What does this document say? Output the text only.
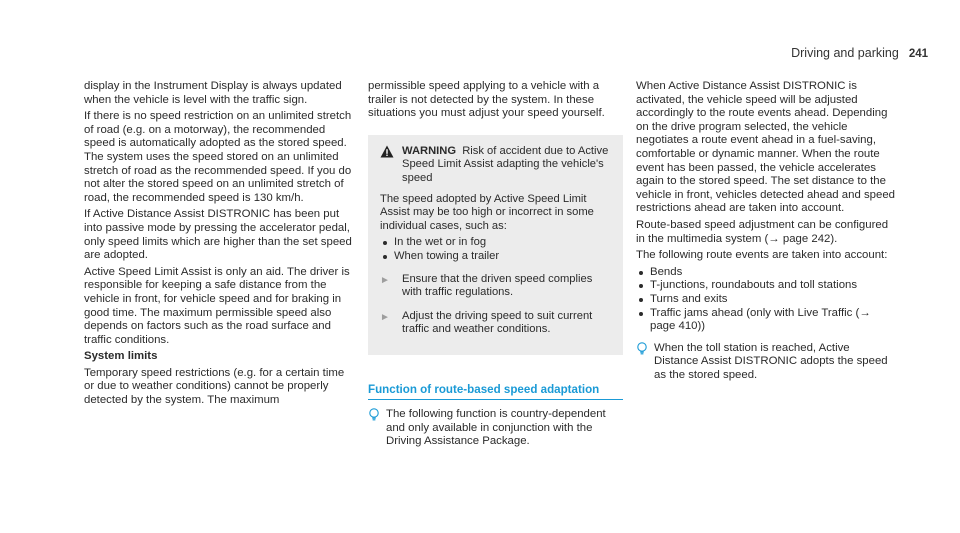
Driving and parking 241

display in the Instrument Display is always updated when the vehicle is level with the traffic sign.

If there is no speed restriction on an unlimited stretch of road (e.g. on a motorway), the recommended speed is automatically adopted as the stored speed. The system uses the speed stored on an unlimited stretch of road as the recommended speed. If you do not alter the stored speed on an unlimited stretch of road, the recommended speed is 130 km/h.

If Active Distance Assist DISTRONIC has been put into passive mode by pressing the accelerator pedal, only speed limits which are higher than the set speed are adopted.

Active Speed Limit Assist is only an aid. The driver is responsible for keeping a safe distance from the vehicle in front, for vehicle speed and for braking in good time. The maximum permissible speed also depends on factors such as the road surface and traffic conditions.

System limits

Temporary speed restrictions (e.g. for a certain time or due to weather conditions) cannot be properly detected by the system. The maximum

permissible speed applying to a vehicle with a trailer is not detected by the system. In these situations you must adjust your speed yourself.

WARNING Risk of accident due to Active Speed Limit Assist adapting the vehicle's speed

The speed adopted by Active Speed Limit Assist may be too high or incorrect in some individual cases, such as:

In the wet or in fog
When towing a trailer
►	Ensure that the driven speed complies with traffic regulations.
►	Adjust the driving speed to suit current traffic and weather conditions.
Function of route-based speed adaptation
The following function is country-dependent and only available in conjunction with the Driving Assistance Package.

When Active Distance Assist DISTRONIC is activated, the vehicle speed will be adjusted accordingly to the route events ahead. Depending on the drive program selected, the vehicle negotiates a route event ahead in a fuel-saving, comfortable or dynamic manner. When the route event has been passed, the vehicle accelerates again to the stored speed. The set distance to the vehicle in front, vehicles detected ahead and speed restrictions ahead are taken into account.

Route-based speed adjustment can be configured in the multimedia system (→ page 242).

The following route events are taken into account:

Bends
T-junctions, roundabouts and toll stations
Turns and exits
Traffic jams ahead (only with Live Traffic (→ page 410))
When the toll station is reached, Active Distance Assist DISTRONIC adopts the speed as the stored speed.
